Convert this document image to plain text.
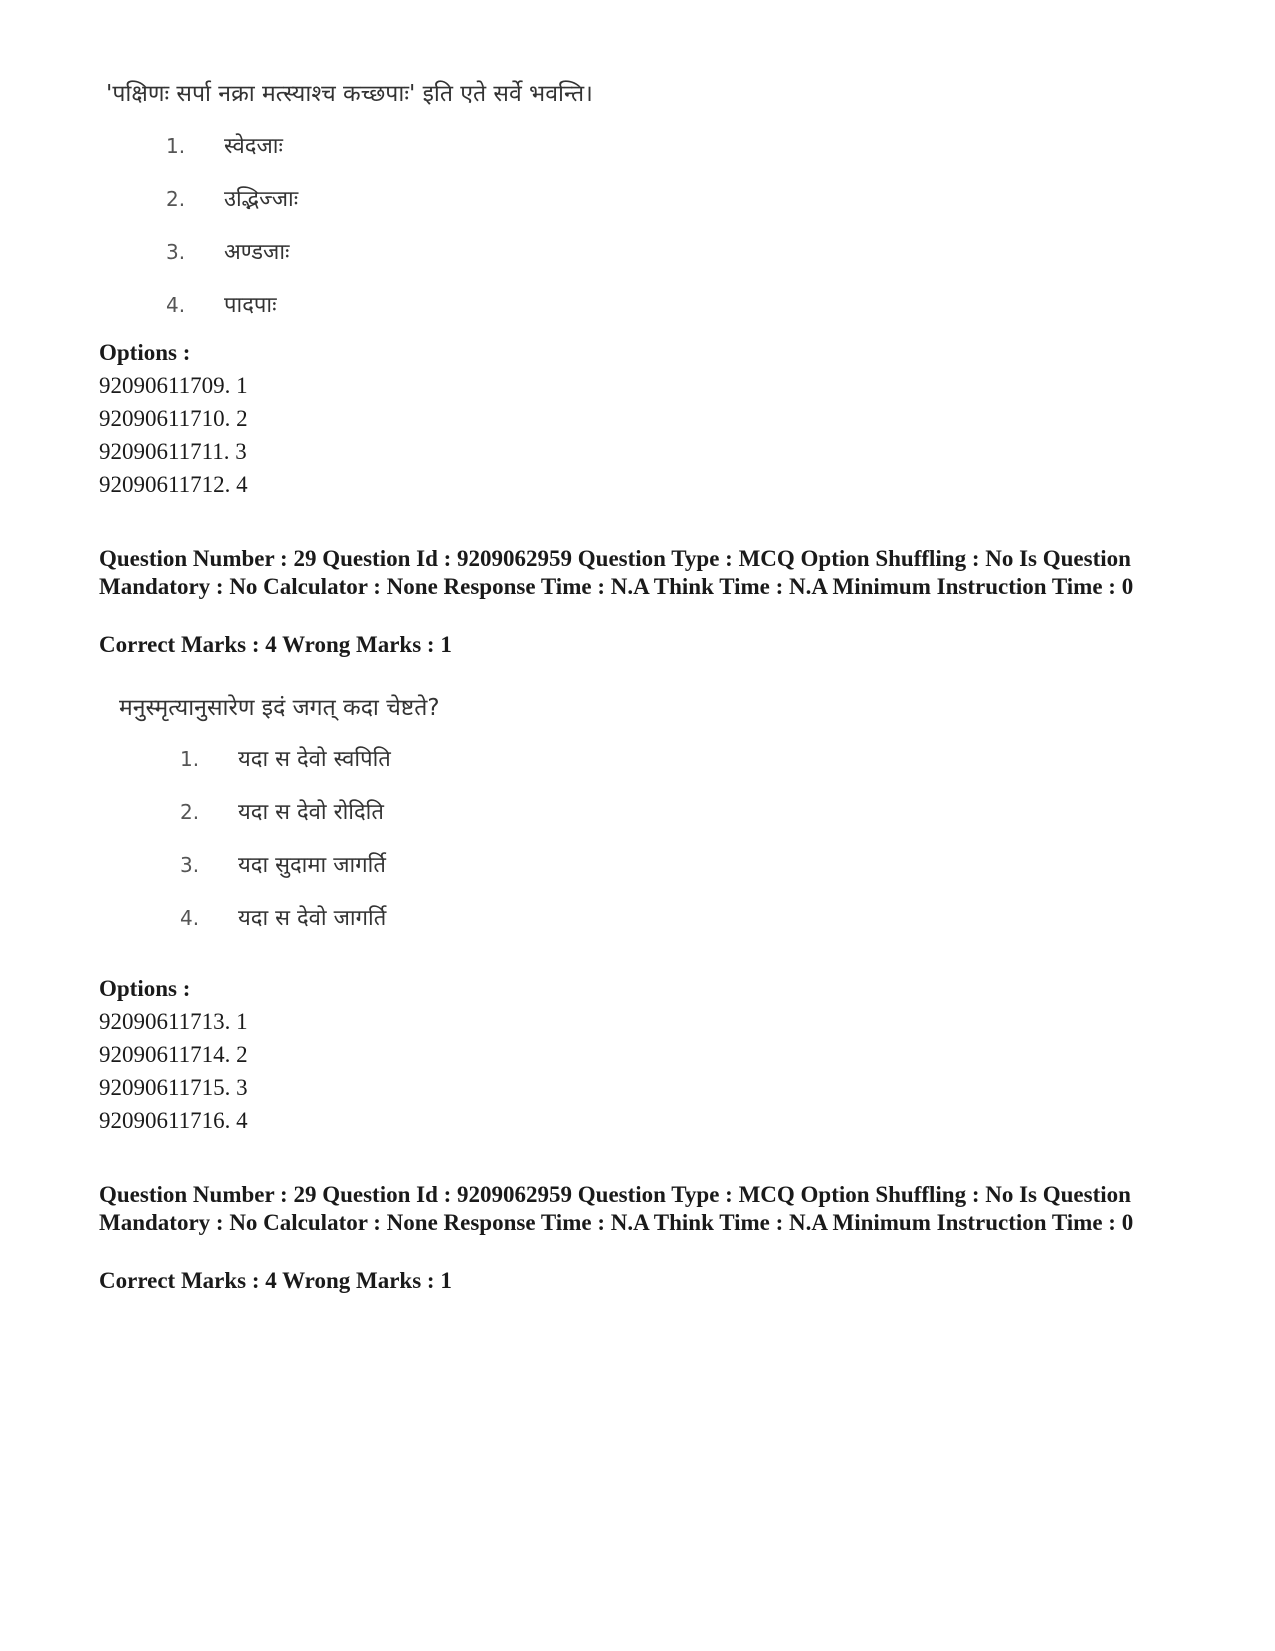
'पक्षिणः सर्पा नक्रा मत्स्याश्च कच्छपाः' इति एते सर्वे भवन्ति।
1. स्वेदजाः
2. उद्भिज्जाः
3. अण्डजाः
4. पादपाः
Options :
92090611709. 1
92090611710. 2
92090611711. 3
92090611712. 4
Question Number : 29 Question Id : 9209062959 Question Type : MCQ Option Shuffling : No Is Question Mandatory : No Calculator : None Response Time : N.A Think Time : N.A Minimum Instruction Time : 0
Correct Marks : 4 Wrong Marks : 1
मनुस्मृत्यानुसारेण इदं जगत् कदा चेष्टते?
1. यदा स देवो स्वपिति
2. यदा स देवो रोदिति
3. यदा सुदामा जागर्ति
4. यदा स देवो जागर्ति
Options :
92090611713. 1
92090611714. 2
92090611715. 3
92090611716. 4
Question Number : 29 Question Id : 9209062959 Question Type : MCQ Option Shuffling : No Is Question Mandatory : No Calculator : None Response Time : N.A Think Time : N.A Minimum Instruction Time : 0
Correct Marks : 4 Wrong Marks : 1
